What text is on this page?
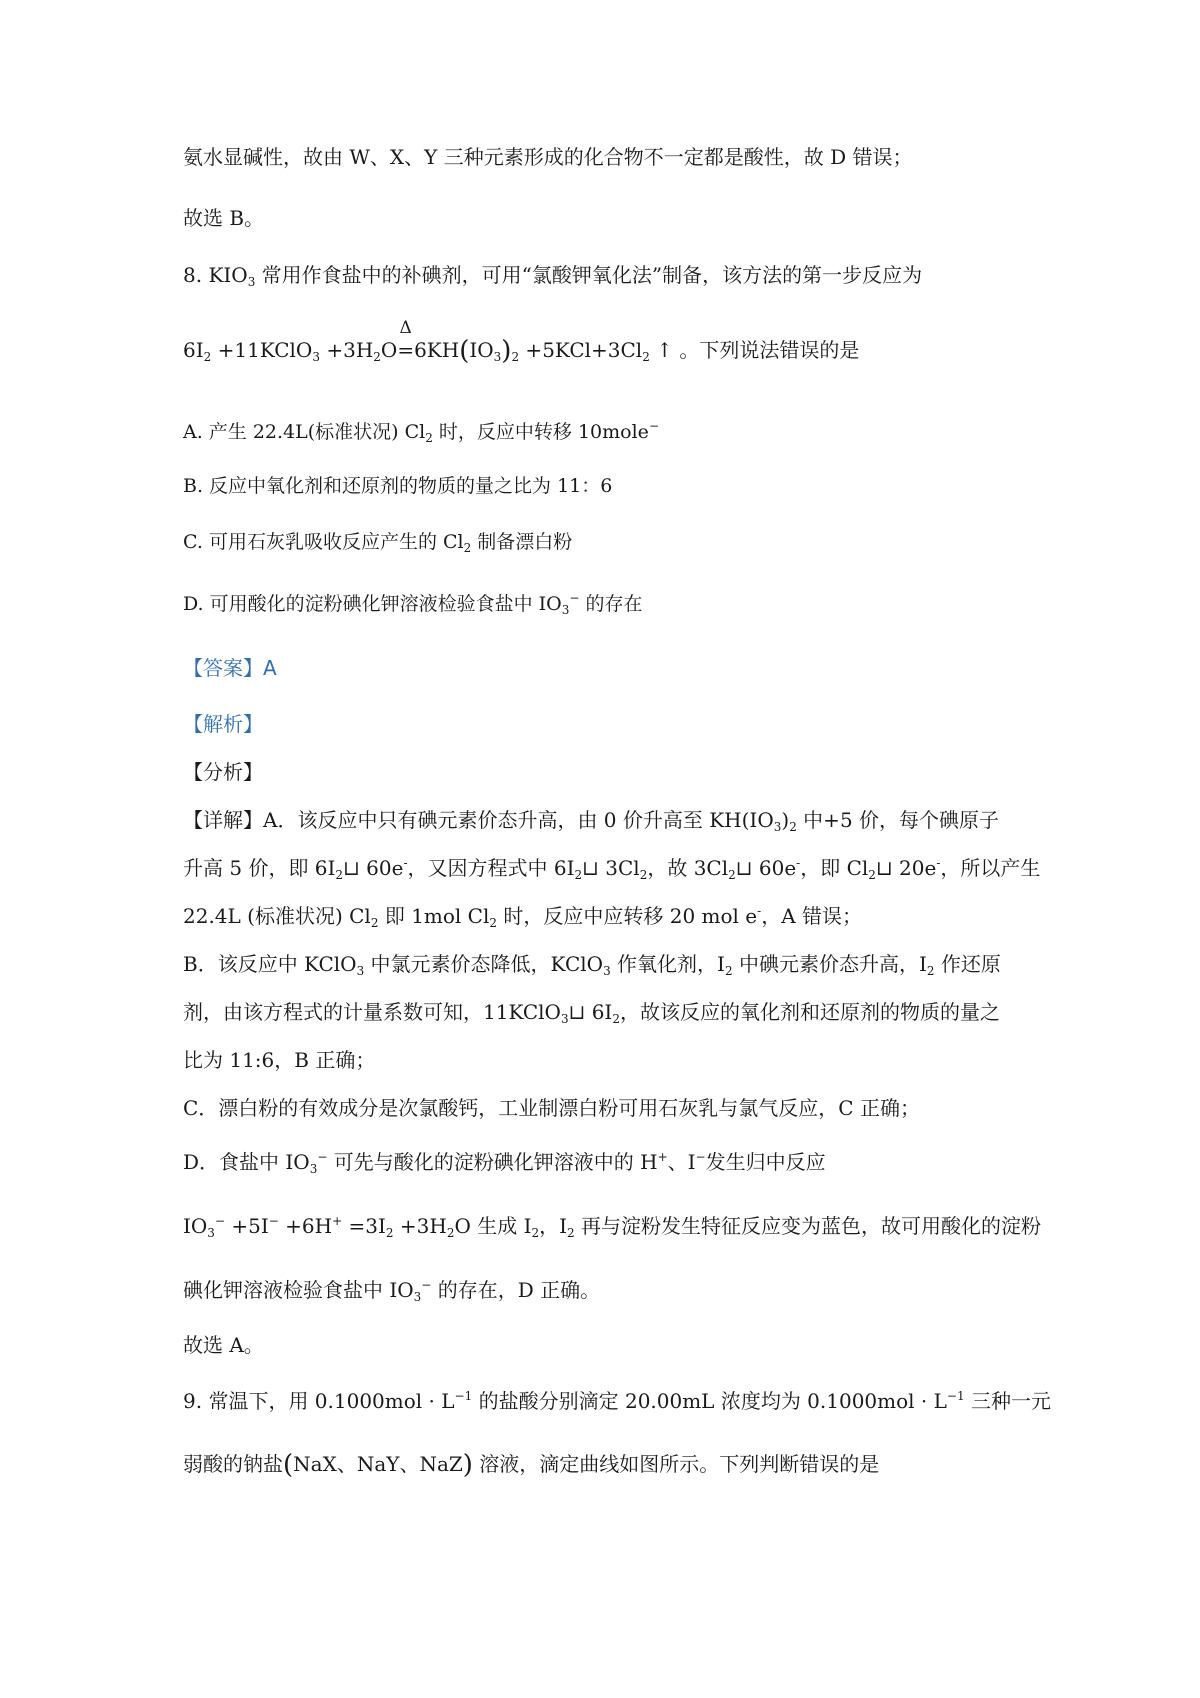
氨水显碱性，故由 W、X、Y 三种元素形成的化合物不一定都是酸性，故 D 错误；
故选 B。
8. $KIO_3$ 常用作食盐中的补碘剂，可用“氯酸钾氧化法”制备，该方法的第一步反应为
$6I_2$ +11KClO$_3$ $+3H_2O$
Δ
$=6KH(IO_3)_2 +5KCl+3Cl_2$ ↑ 。下列说法错误的是
A. 产生 22.4L(标准状况) $Cl_2$ 时，反应中转移 10mole−
B. 反应中氧化剂和还原剂的物质的量之比为 11：6
C. 可用石灰乳吸收反应产生的 $Cl_2$ 制备漂白粉
D. 可用酸化的淀粉碘化钾溶液检验食盐中 $IO_3^-$ 的存在
【答案】A
【解析】
【分析】
【详解】A．该反应中只有碘元素价态升高，由 0 价升高至 $KH(IO_3)_2$ 中+5 价，每个碘原子
升高 5 价，即 $6I_2⊔$ 60e-，又因方程式中 $6I_2⊔$ $3Cl_2$，故 $3Cl_2⊔$ 60e-，即 $Cl_2⊔$ 20e-，所以产生
22.4L (标准状况) $Cl_2$ 即 1mol $Cl_2$ 时，反应中应转移 20 mol e-，A 错误；
B．该反应中 KClO$_3$ 中氯元素价态降低，KClO$_3$ 作氧化剂，$I_2$ 中碘元素价态升高，$I_2$ 作还原
剂，由该方程式的计量系数可知，11KClO$_3$⊔ $6I_2$，故该反应的氧化剂和还原剂的物质的量之
比为 11:6，B 正确；
C．漂白粉的有效成分是次氯酸钙，工业制漂白粉可用石灰乳与氯气反应，C 正确；
D．食盐中 $IO_3^-$ 可先与酸化的淀粉碘化钾溶液中的 H+、I−发生归中反应
$IO_3^- +5I^- +6H^+ =3I_2 +3H_2O$ 生成 $I_2$，$I_2$ 再与淀粉发生特征反应变为蓝色，故可用酸化的淀粉
碘化钾溶液检验食盐中 $IO_3^-$ 的存在，D 正确。
故选 A。
9. 常温下，用 $0.1000mol \cdot L^{-1}$ 的盐酸分别滴定 20.00mL 浓度均为 $0.1000mol \cdot L^{-1}$ 三种一元
弱酸的钠盐(NaX、NaY、NaZ) 溶液，滴定曲线如图所示。下列判断错误的是
